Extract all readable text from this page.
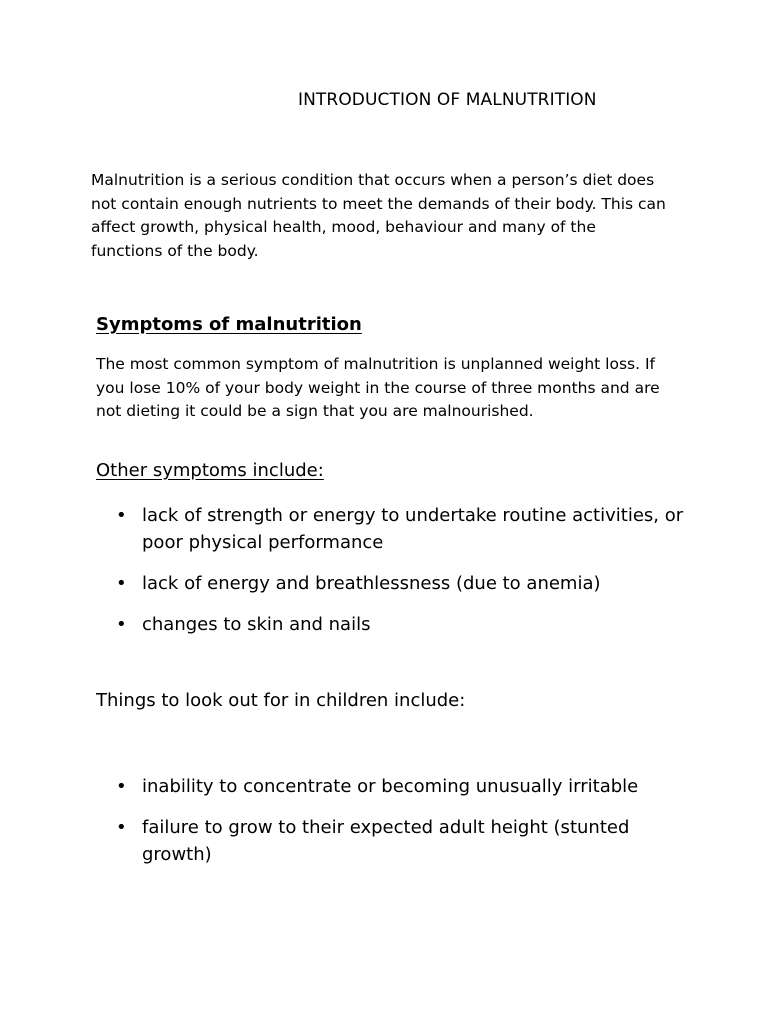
INTRODUCTION OF MALNUTRITION

Malnutrition is a serious condition that occurs when a person’s diet does not contain enough nutrients to meet the demands of their body. This can affect growth, physical health, mood, behaviour and many of the functions of the body.

Symptoms of malnutrition

The most common symptom of malnutrition is unplanned weight loss. If you lose 10% of your body weight in the course of three months and are not dieting it could be a sign that you are malnourished.

Other symptoms include:
• lack of strength or energy to undertake routine activities, or poor physical performance
• lack of energy and breathlessness (due to anemia)
• changes to skin and nails
Things to look out for in children include:
• inability to concentrate or becoming unusually irritable
• failure to grow to their expected adult height (stunted growth)
